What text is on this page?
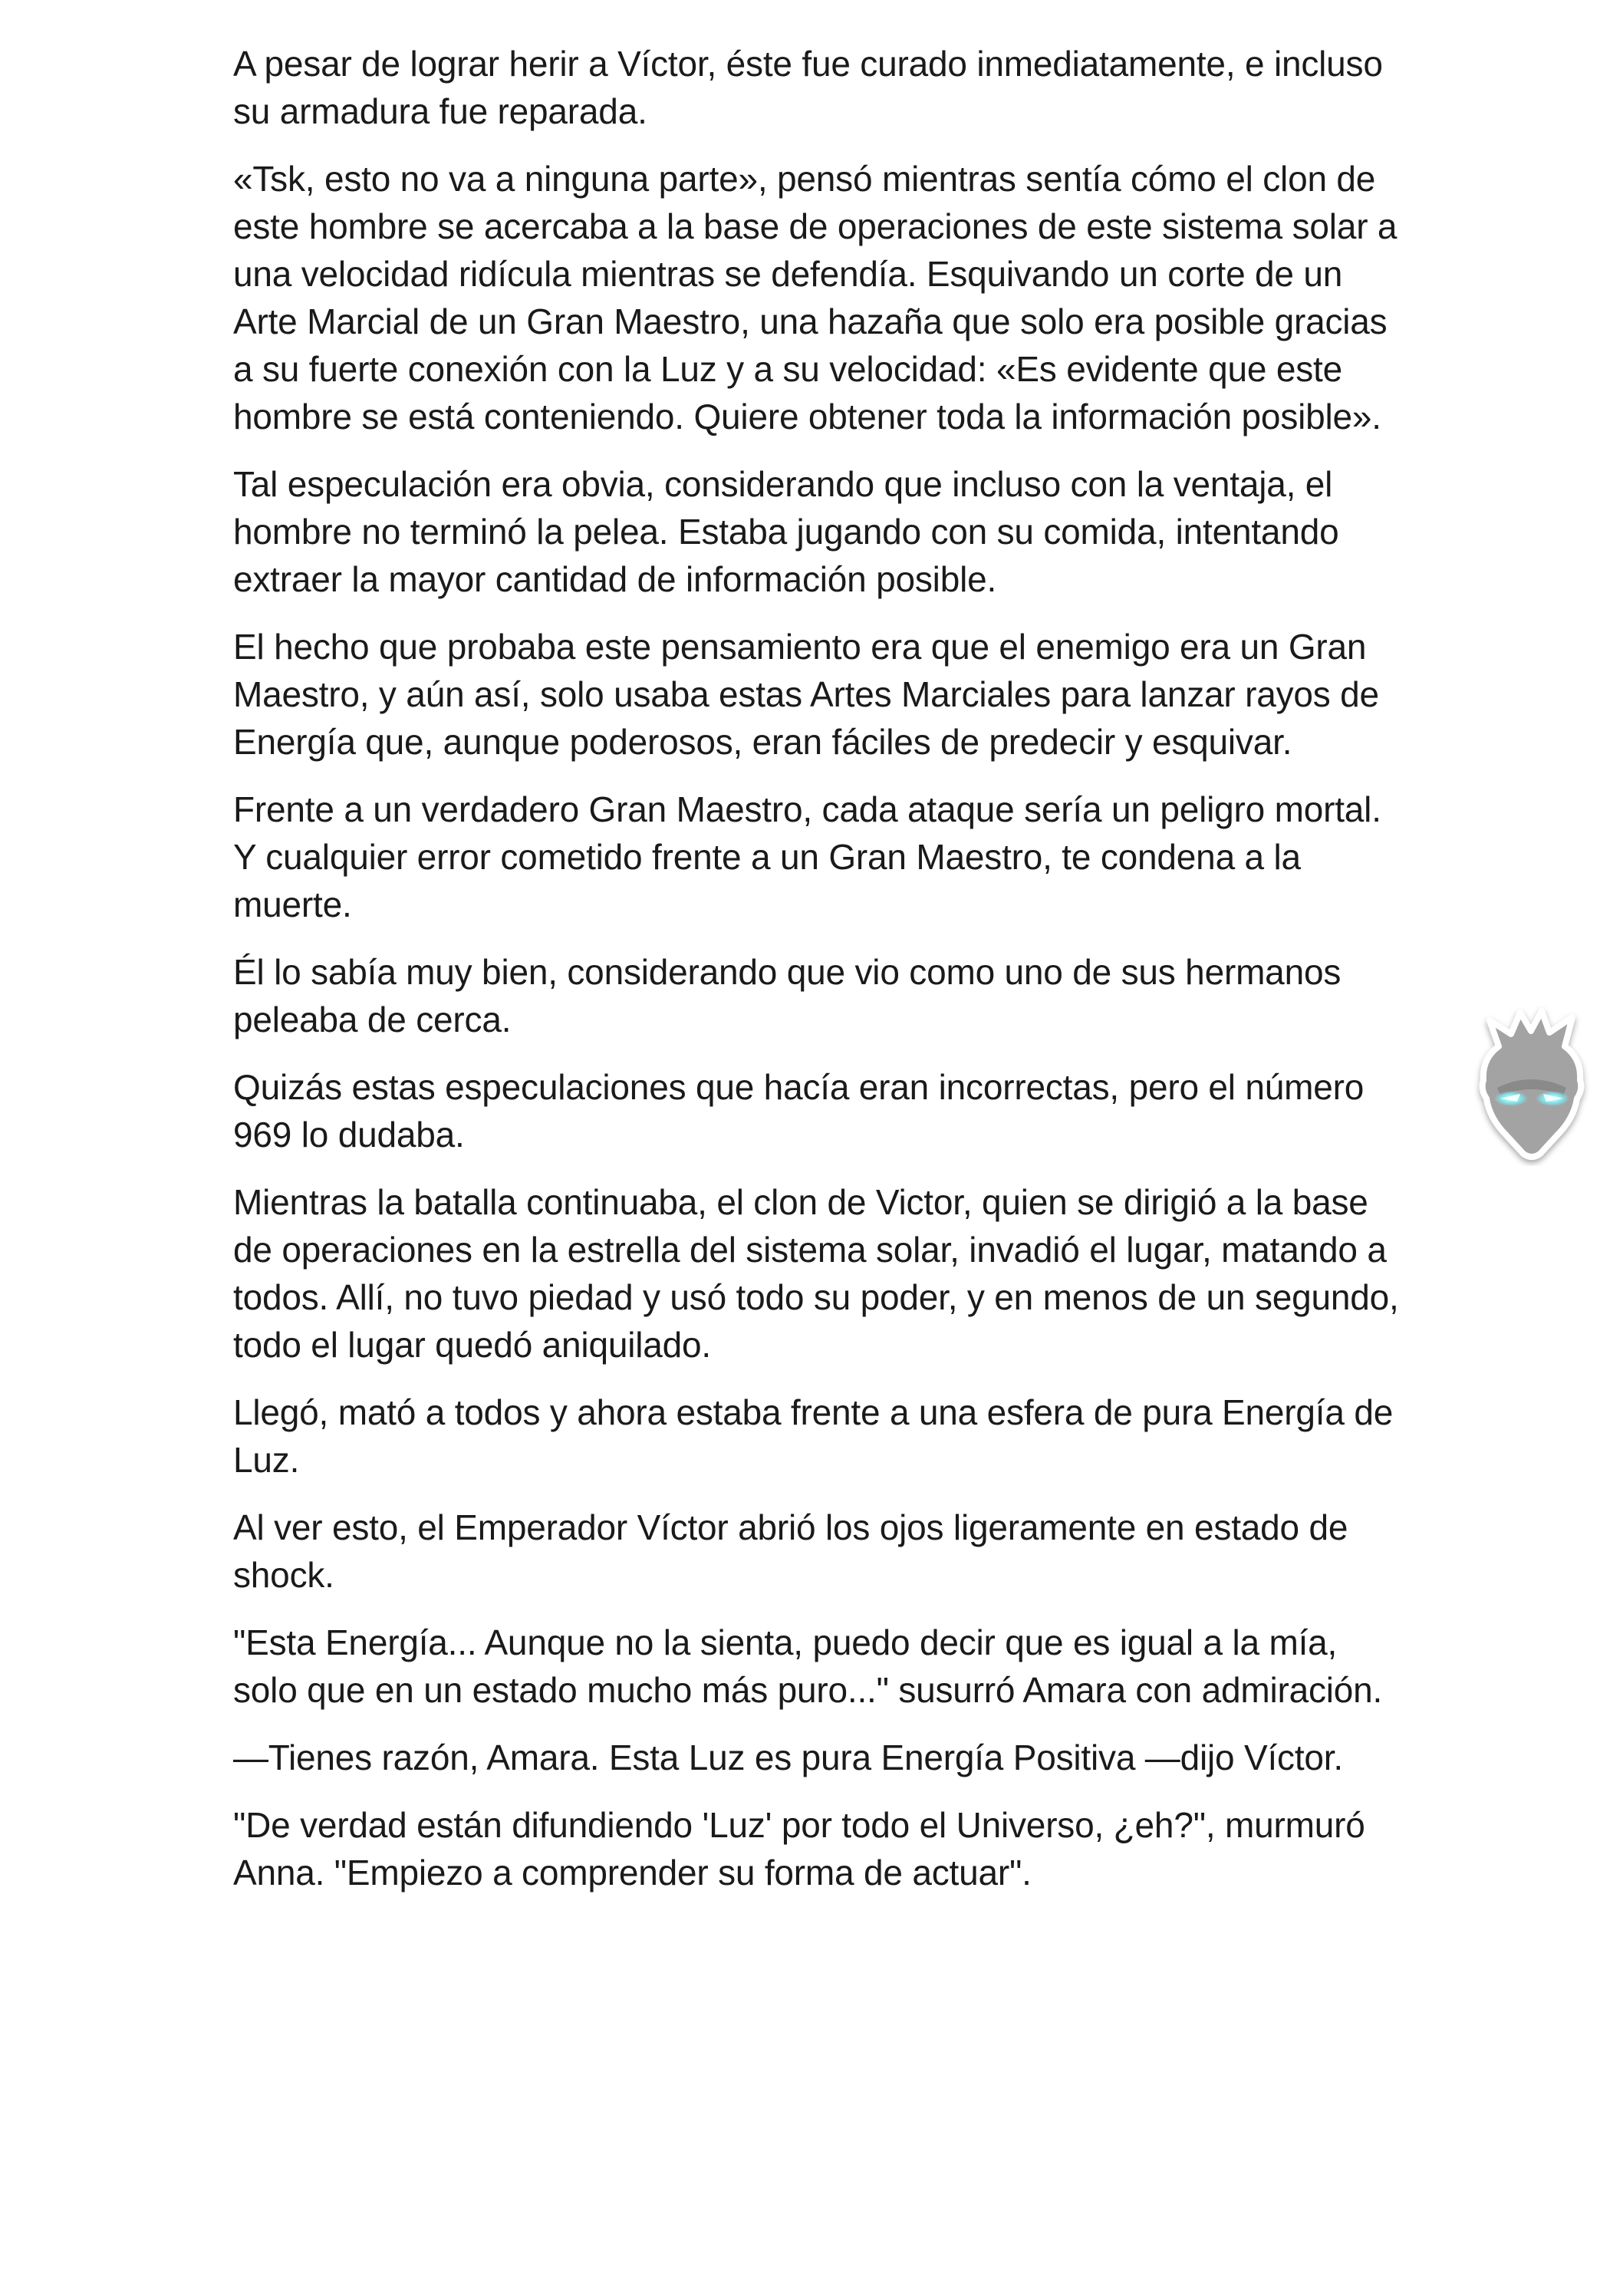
A pesar de lograr herir a Víctor, éste fue curado inmediatamente, e incluso su armadura fue reparada.

«Tsk, esto no va a ninguna parte», pensó mientras sentía cómo el clon de este hombre se acercaba a la base de operaciones de este sistema solar a una velocidad ridícula mientras se defendía. Esquivando un corte de un Arte Marcial de un Gran Maestro, una hazaña que solo era posible gracias a su fuerte conexión con la Luz y a su velocidad: «Es evidente que este hombre se está conteniendo. Quiere obtener toda la información posible».

Tal especulación era obvia, considerando que incluso con la ventaja, el hombre no terminó la pelea. Estaba jugando con su comida, intentando extraer la mayor cantidad de información posible.

El hecho que probaba este pensamiento era que el enemigo era un Gran Maestro, y aún así, solo usaba estas Artes Marciales para lanzar rayos de Energía que, aunque poderosos, eran fáciles de predecir y esquivar.

Frente a un verdadero Gran Maestro, cada ataque sería un peligro mortal. Y cualquier error cometido frente a un Gran Maestro, te condena a la muerte.

Él lo sabía muy bien, considerando que vio como uno de sus hermanos peleaba de cerca.

Quizás estas especulaciones que hacía eran incorrectas, pero el número 969 lo dudaba.

Mientras la batalla continuaba, el clon de Victor, quien se dirigió a la base de operaciones en la estrella del sistema solar, invadió el lugar, matando a todos. Allí, no tuvo piedad y usó todo su poder, y en menos de un segundo, todo el lugar quedó aniquilado.

Llegó, mató a todos y ahora estaba frente a una esfera de pura Energía de Luz.

Al ver esto, el Emperador Víctor abrió los ojos ligeramente en estado de shock.

"Esta Energía... Aunque no la sienta, puedo decir que es igual a la mía, solo que en un estado mucho más puro..." susurró Amara con admiración.

—Tienes razón, Amara. Esta Luz es pura Energía Positiva —dijo Víctor.

"De verdad están difundiendo 'Luz' por todo el Universo, ¿eh?", murmuró Anna. "Empiezo a comprender su forma de actuar".
